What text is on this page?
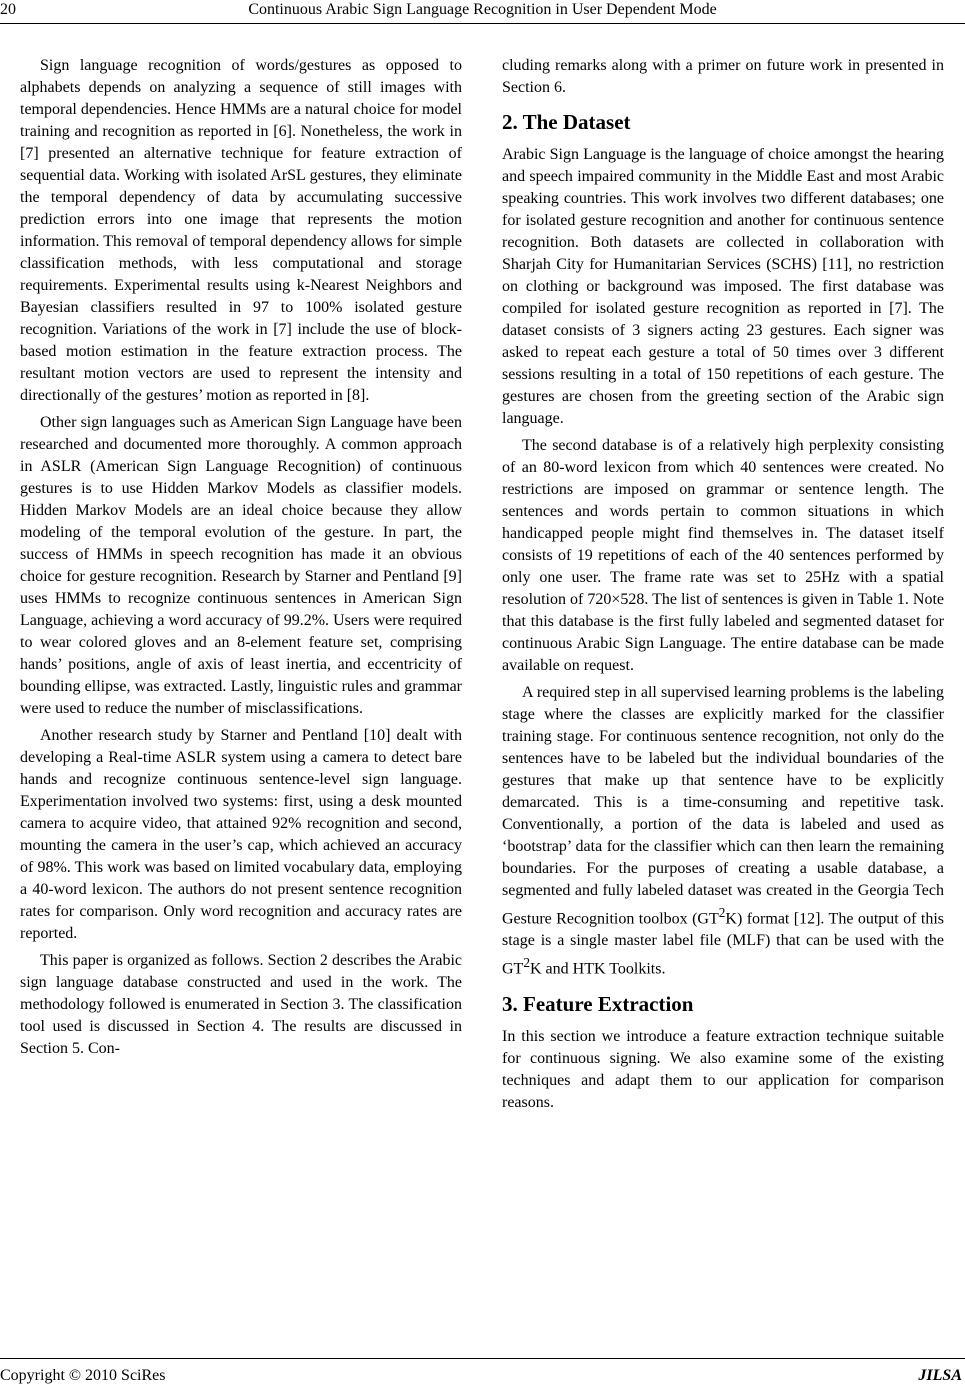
20	Continuous Arabic Sign Language Recognition in User Dependent Mode

Sign language recognition of words/gestures as opposed to alphabets depends on analyzing a sequence of still images with temporal dependencies. Hence HMMs are a natural choice for model training and recognition as reported in [6]. Nonetheless, the work in [7] presented an alternative technique for feature extraction of sequential data. Working with isolated ArSL gestures, they eliminate the temporal dependency of data by accumulating successive prediction errors into one image that represents the motion information. This removal of temporal dependency allows for simple classification methods, with less computational and storage requirements. Experimental results using k-Nearest Neighbors and Bayesian classifiers resulted in 97 to 100% isolated gesture recognition. Variations of the work in [7] include the use of block-based motion estimation in the feature extraction process. The resultant motion vectors are used to represent the intensity and directionally of the gestures’ motion as reported in [8].

Other sign languages such as American Sign Language have been researched and documented more thoroughly. A common approach in ASLR (American Sign Language Recognition) of continuous gestures is to use Hidden Markov Models as classifier models. Hidden Markov Models are an ideal choice because they allow modeling of the temporal evolution of the gesture. In part, the success of HMMs in speech recognition has made it an obvious choice for gesture recognition. Research by Starner and Pentland [9] uses HMMs to recognize continuous sentences in American Sign Language, achieving a word accuracy of 99.2%. Users were required to wear colored gloves and an 8-element feature set, comprising hands’ positions, angle of axis of least inertia, and eccentricity of bounding ellipse, was extracted. Lastly, linguistic rules and grammar were used to reduce the number of misclassifications.

Another research study by Starner and Pentland [10] dealt with developing a Real-time ASLR system using a camera to detect bare hands and recognize continuous sentence-level sign language. Experimentation involved two systems: first, using a desk mounted camera to acquire video, that attained 92% recognition and second, mounting the camera in the user’s cap, which achieved an accuracy of 98%. This work was based on limited vocabulary data, employing a 40-word lexicon. The authors do not present sentence recognition rates for comparison. Only word recognition and accuracy rates are reported.

This paper is organized as follows. Section 2 describes the Arabic sign language database constructed and used in the work. The methodology followed is enumerated in Section 3. The classification tool used is discussed in Section 4. The results are discussed in Section 5. Con-

cluding remarks along with a primer on future work in presented in Section 6.

2. The Dataset

Arabic Sign Language is the language of choice amongst the hearing and speech impaired community in the Middle East and most Arabic speaking countries. This work involves two different databases; one for isolated gesture recognition and another for continuous sentence recognition. Both datasets are collected in collaboration with Sharjah City for Humanitarian Services (SCHS) [11], no restriction on clothing or background was imposed. The first database was compiled for isolated gesture recognition as reported in [7]. The dataset consists of 3 signers acting 23 gestures. Each signer was asked to repeat each gesture a total of 50 times over 3 different sessions resulting in a total of 150 repetitions of each gesture. The gestures are chosen from the greeting section of the Arabic sign language.

The second database is of a relatively high perplexity consisting of an 80-word lexicon from which 40 sentences were created. No restrictions are imposed on grammar or sentence length. The sentences and words pertain to common situations in which handicapped people might find themselves in. The dataset itself consists of 19 repetitions of each of the 40 sentences performed by only one user. The frame rate was set to 25Hz with a spatial resolution of 720×528. The list of sentences is given in Table 1. Note that this database is the first fully labeled and segmented dataset for continuous Arabic Sign Language. The entire database can be made available on request.

A required step in all supervised learning problems is the labeling stage where the classes are explicitly marked for the classifier training stage. For continuous sentence recognition, not only do the sentences have to be labeled but the individual boundaries of the gestures that make up that sentence have to be explicitly demarcated. This is a time-consuming and repetitive task. Conventionally, a portion of the data is labeled and used as ‘bootstrap’ data for the classifier which can then learn the remaining boundaries. For the purposes of creating a usable database, a segmented and fully labeled dataset was created in the Georgia Tech Gesture Recognition toolbox $(GT^2K)$ format [12]. The output of this stage is a single master label file (MLF) that can be used with the $GT^2K$ and HTK Toolkits.

3. Feature Extraction

In this section we introduce a feature extraction technique suitable for continuous signing. We also examine some of the existing techniques and adapt them to our application for comparison reasons.

Copyright © 2010 SciRes	JILSA
